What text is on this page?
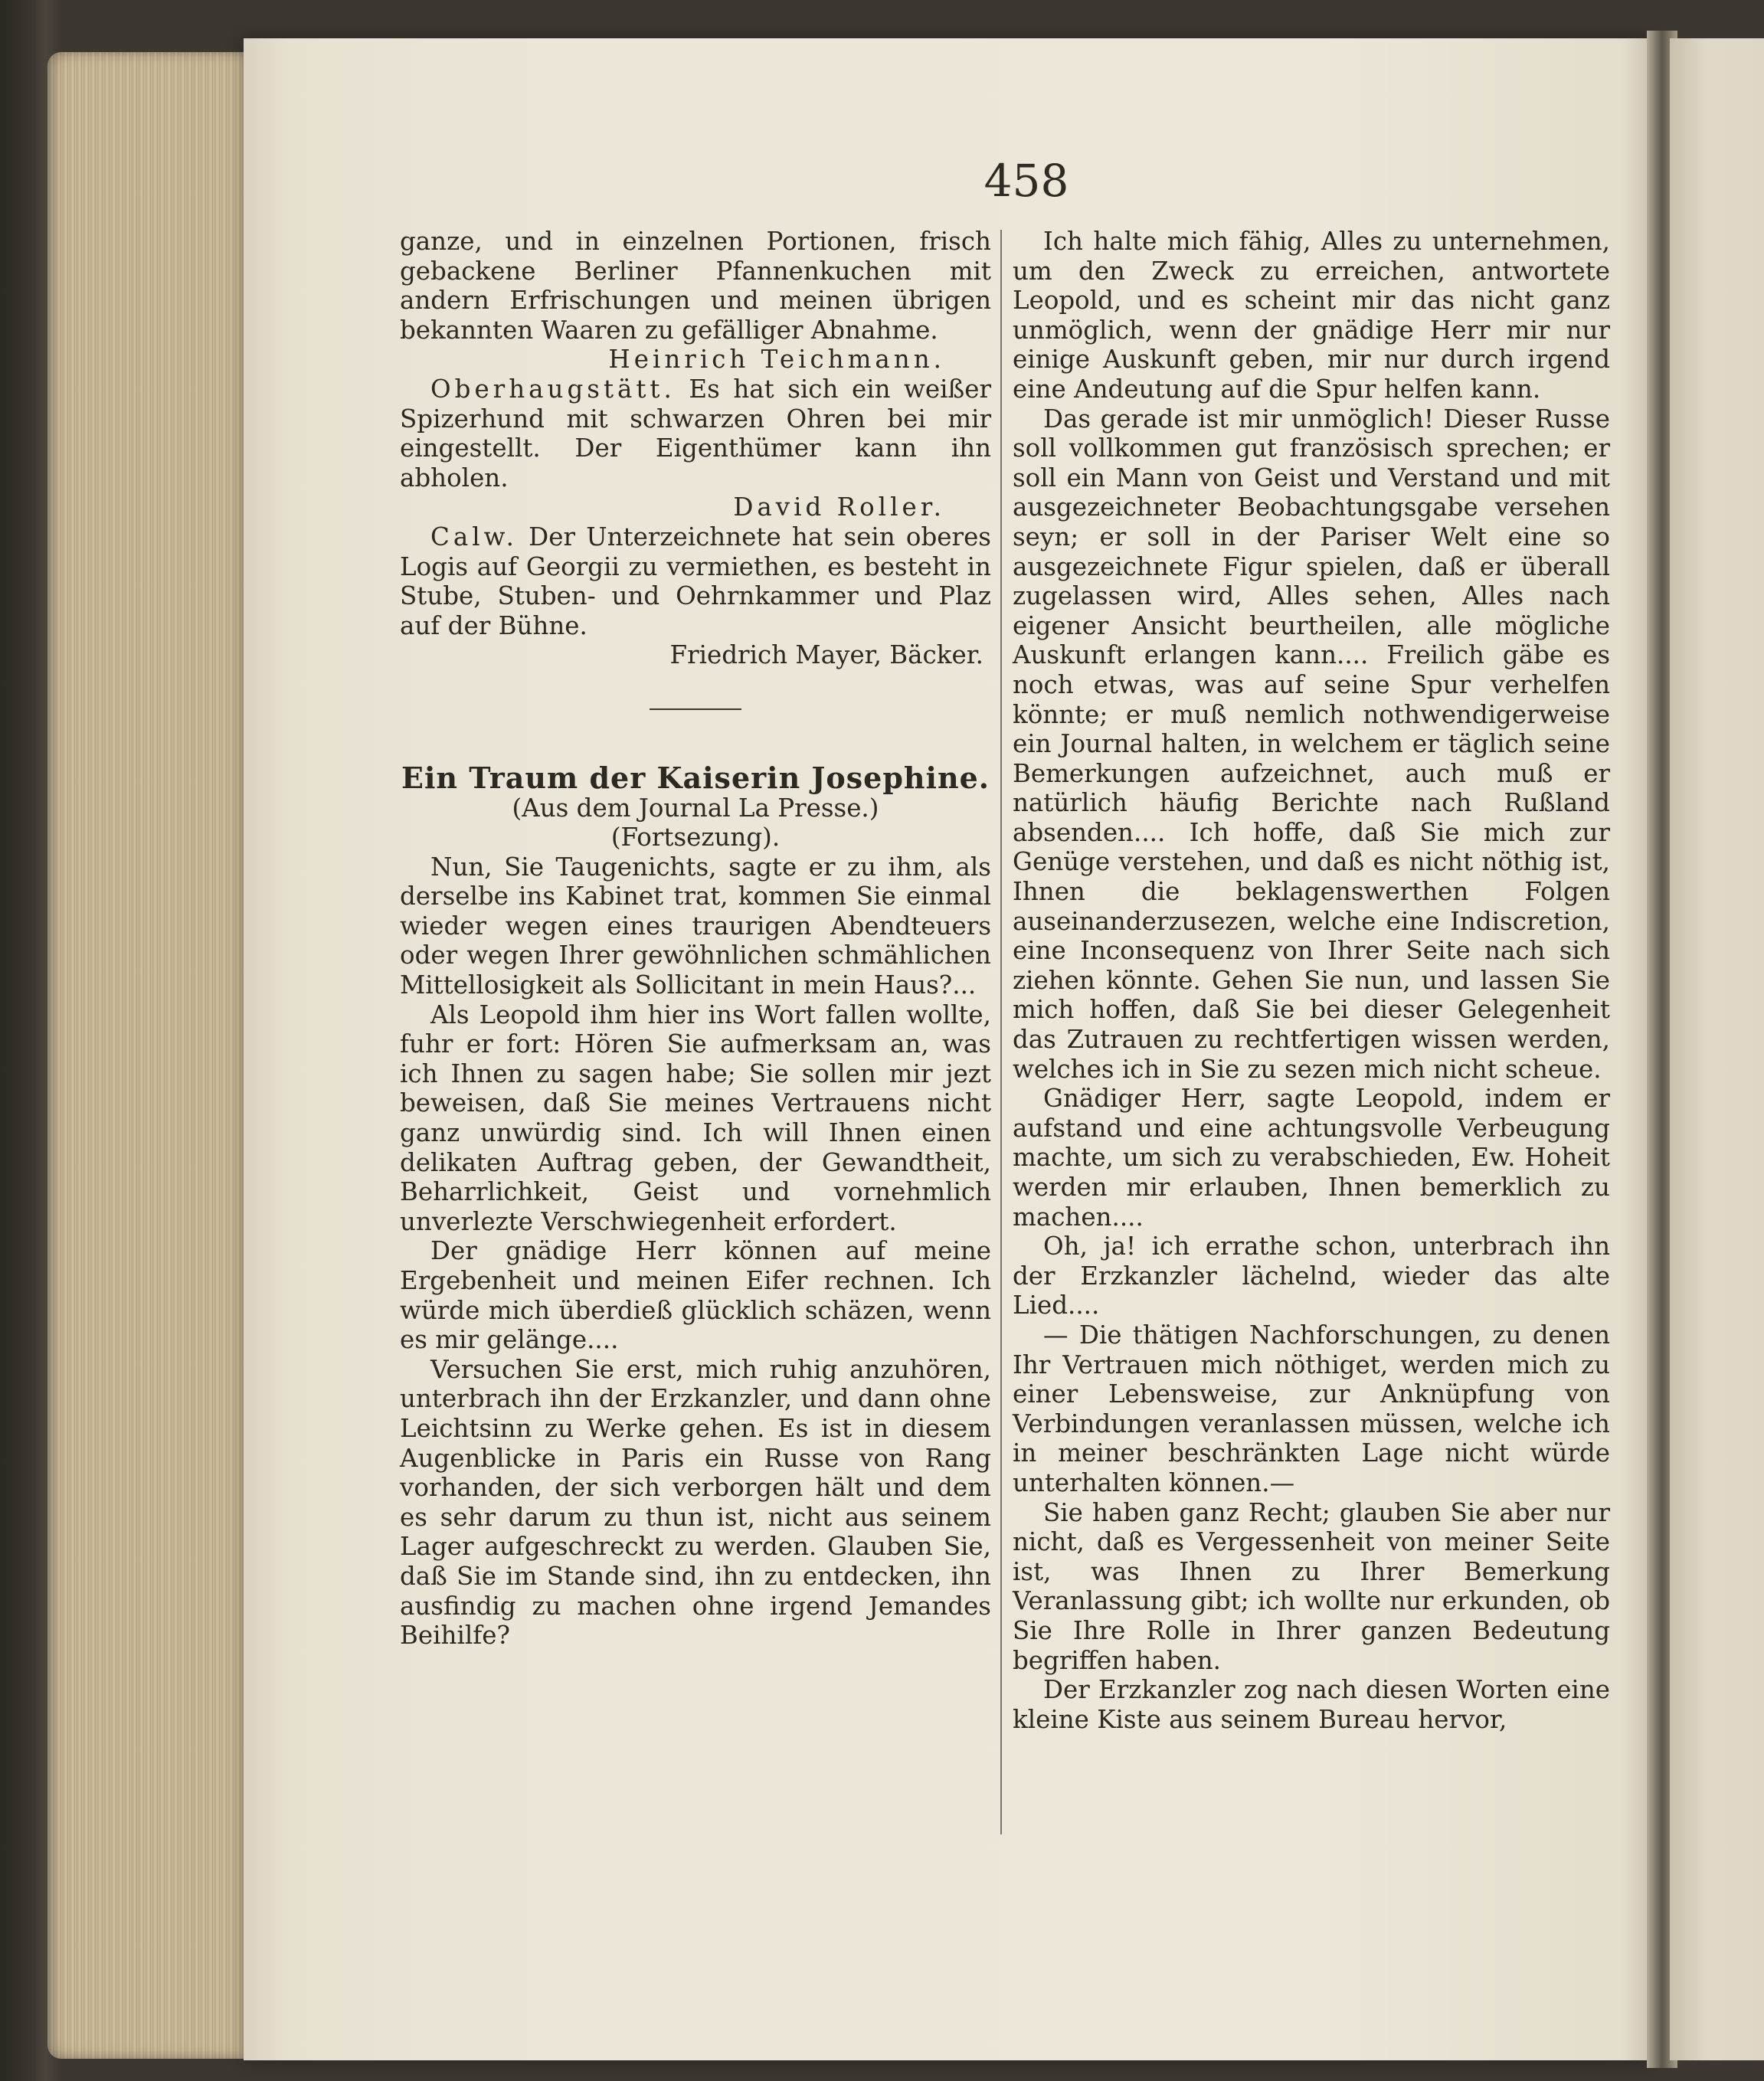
458

ganze, und in einzelnen Portionen, frisch gebackene Berliner Pfannenkuchen mit andern Erfrischungen und meinen übrigen bekannten Waaren zu gefälliger Abnahme.

Heinrich Teichmann.

Oberhaugstätt. Es hat sich ein weißer Spizerhund mit schwarzen Ohren bei mir eingestellt. Der Eigenthümer kann ihn abholen.

David Roller.

Calw. Der Unterzeichnete hat sein oberes Logis auf Georgii zu vermiethen, es besteht in Stube, Stuben- und Oehrnkammer und Plaz auf der Bühne.

Friedrich Mayer, Bäcker.

Ein Traum der Kaiserin Josephine.

(Aus dem Journal La Presse.)

(Fortsezung).

Nun, Sie Taugenichts, sagte er zu ihm, als derselbe ins Kabinet trat, kommen Sie einmal wieder wegen eines traurigen Abendteuers oder wegen Ihrer gewöhnlichen schmählichen Mittellosigkeit als Sollicitant in mein Haus?...

Als Leopold ihm hier ins Wort fallen wollte, fuhr er fort: Hören Sie aufmerksam an, was ich Ihnen zu sagen habe; Sie sollen mir jezt beweisen, daß Sie meines Vertrauens nicht ganz unwürdig sind. Ich will Ihnen einen delikaten Auftrag geben, der Gewandtheit, Beharrlichkeit, Geist und vornehmlich unverlezte Verschwiegenheit erfordert.

Der gnädige Herr können auf meine Ergebenheit und meinen Eifer rechnen. Ich würde mich überdieß glücklich schäzen, wenn es mir gelänge....

Versuchen Sie erst, mich ruhig anzuhören, unterbrach ihn der Erzkanzler, und dann ohne Leichtsinn zu Werke gehen. Es ist in diesem Augenblicke in Paris ein Russe von Rang vorhanden, der sich verborgen hält und dem es sehr darum zu thun ist, nicht aus seinem Lager aufgeschreckt zu werden. Glauben Sie, daß Sie im Stande sind, ihn zu entdecken, ihn ausfindig zu machen ohne irgend Jemandes Beihilfe?

Ich halte mich fähig, Alles zu unternehmen, um den Zweck zu erreichen, antwortete Leopold, und es scheint mir das nicht ganz unmöglich, wenn der gnädige Herr mir nur einige Auskunft geben, mir nur durch irgend eine Andeutung auf die Spur helfen kann.

Das gerade ist mir unmöglich! Dieser Russe soll vollkommen gut französisch sprechen; er soll ein Mann von Geist und Verstand und mit ausgezeichneter Beobachtungsgabe versehen seyn; er soll in der Pariser Welt eine so ausgezeichnete Figur spielen, daß er überall zugelassen wird, Alles sehen, Alles nach eigener Ansicht beurtheilen, alle mögliche Auskunft erlangen kann.... Freilich gäbe es noch etwas, was auf seine Spur verhelfen könnte; er muß nemlich nothwendigerweise ein Journal halten, in welchem er täglich seine Bemerkungen aufzeichnet, auch muß er natürlich häufig Berichte nach Rußland absenden.... Ich hoffe, daß Sie mich zur Genüge verstehen, und daß es nicht nöthig ist, Ihnen die beklagenswerthen Folgen auseinanderzusezen, welche eine Indiscretion, eine Inconsequenz von Ihrer Seite nach sich ziehen könnte. Gehen Sie nun, und lassen Sie mich hoffen, daß Sie bei dieser Gelegenheit das Zutrauen zu rechtfertigen wissen werden, welches ich in Sie zu sezen mich nicht scheue.

Gnädiger Herr, sagte Leopold, indem er aufstand und eine achtungsvolle Verbeugung machte, um sich zu verabschieden, Ew. Hoheit werden mir erlauben, Ihnen bemerklich zu machen....

Oh, ja! ich errathe schon, unterbrach ihn der Erzkanzler lächelnd, wieder das alte Lied....

— Die thätigen Nachforschungen, zu denen Ihr Vertrauen mich nöthiget, werden mich zu einer Lebensweise, zur Anknüpfung von Verbindungen veranlassen müssen, welche ich in meiner beschränkten Lage nicht würde unterhalten können.—

Sie haben ganz Recht; glauben Sie aber nur nicht, daß es Vergessenheit von meiner Seite ist, was Ihnen zu Ihrer Bemerkung Veranlassung gibt; ich wollte nur erkunden, ob Sie Ihre Rolle in Ihrer ganzen Bedeutung begriffen haben.

Der Erzkanzler zog nach diesen Worten eine kleine Kiste aus seinem Bureau hervor,
